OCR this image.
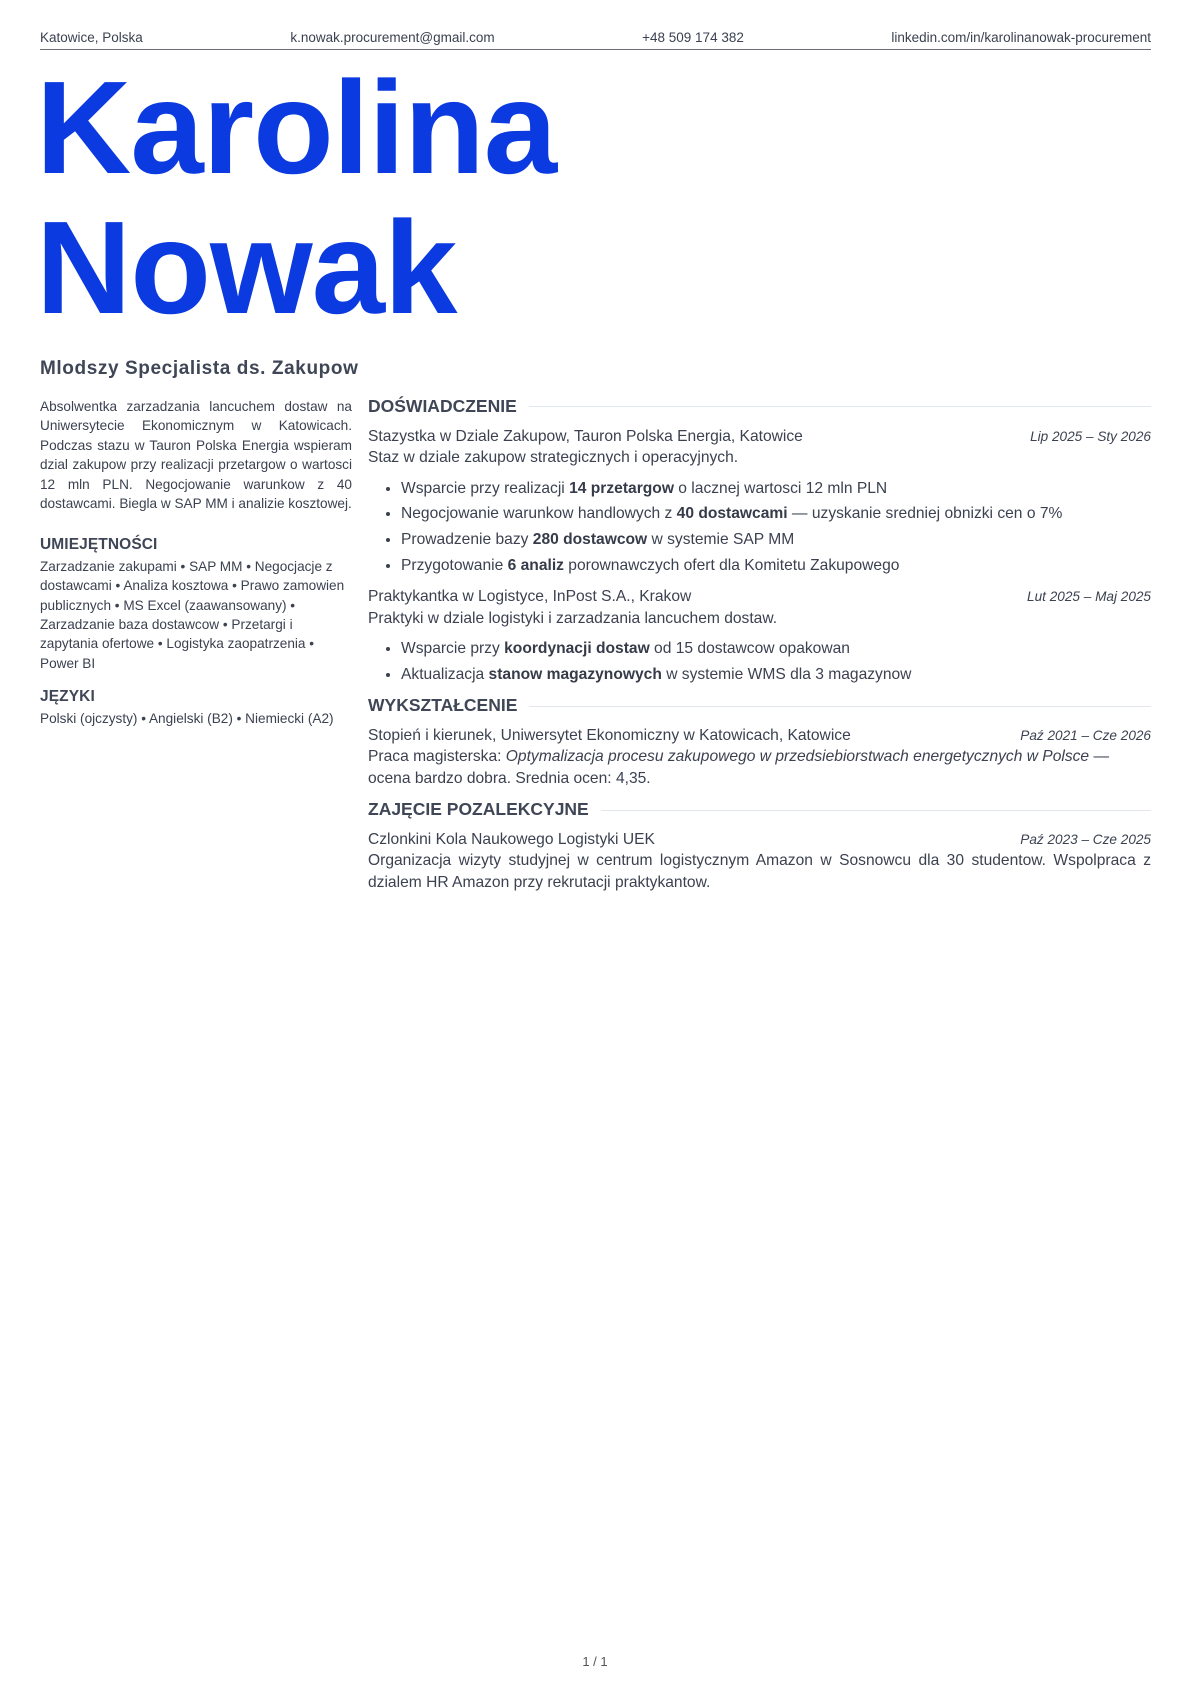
Katowice, Polska	k.nowak.procurement@gmail.com	+48 509 174 382	linkedin.com/in/karolinanowak-procurement
Karolina
Nowak
Mlodszy Specjalista ds. Zakupow

Absolwentka zarzadzania lancuchem dostaw na Uniwersytecie Ekonomicznym w Katowicach. Podczas stazu w Tauron Polska Energia wspieram dzial zakupow przy realizacji przetargow o wartosci 12 mln PLN. Negocjowanie warunkow z 40 dostawcami. Biegla w SAP MM i analizie kosztowej.

UMIEJĘTNOŚCI
Zarzadzanie zakupami • SAP MM • Negocjacje z dostawcami • Analiza kosztowa • Prawo zamowien publicznych • MS Excel (zaawansowany) • Zarzadzanie baza dostawcow • Przetargi i zapytania ofertowe • Logistyka zaopatrzenia • Power BI
JĘZYKI
Polski (ojczysty) • Angielski (B2) • Niemiecki (A2)
DOŚWIADCZENIE
Stazystka w Dziale Zakupow, Tauron Polska Energia, Katowice	Lip 2025 – Sty 2026
Staz w dziale zakupow strategicznych i operacyjnych.
• Wsparcie przy realizacji 14 przetargow o lacznej wartosci 12 mln PLN
• Negocjowanie warunkow handlowych z 40 dostawcami — uzyskanie sredniej obnizki cen o 7%
• Prowadzenie bazy 280 dostawcow w systemie SAP MM
• Przygotowanie 6 analiz porownawczych ofert dla Komitetu Zakupowego
Praktykantka w Logistyce, InPost S.A., Krakow	Lut 2025 – Maj 2025
Praktyki w dziale logistyki i zarzadzania lancuchem dostaw.
• Wsparcie przy koordynacji dostaw od 15 dostawcow opakowan
• Aktualizacja stanow magazynowych w systemie WMS dla 3 magazynow
WYKSZTAŁCENIE
Stopień i kierunek, Uniwersytet Ekonomiczny w Katowicach, Katowice	Paź 2021 – Cze 2026
Praca magisterska: Optymalizacja procesu zakupowego w przedsiebiorstwach energetycznych w Polsce — ocena bardzo dobra. Srednia ocen: 4,35.
ZAJĘCIE POZALEKCYJNE
Czlonkini Kola Naukowego Logistyki UEK	Paź 2023 – Cze 2025
Organizacja wizyty studyjnej w centrum logistycznym Amazon w Sosnowcu dla 30 studentow. Wspolpraca z dzialem HR Amazon przy rekrutacji praktykantow.
1 / 1
